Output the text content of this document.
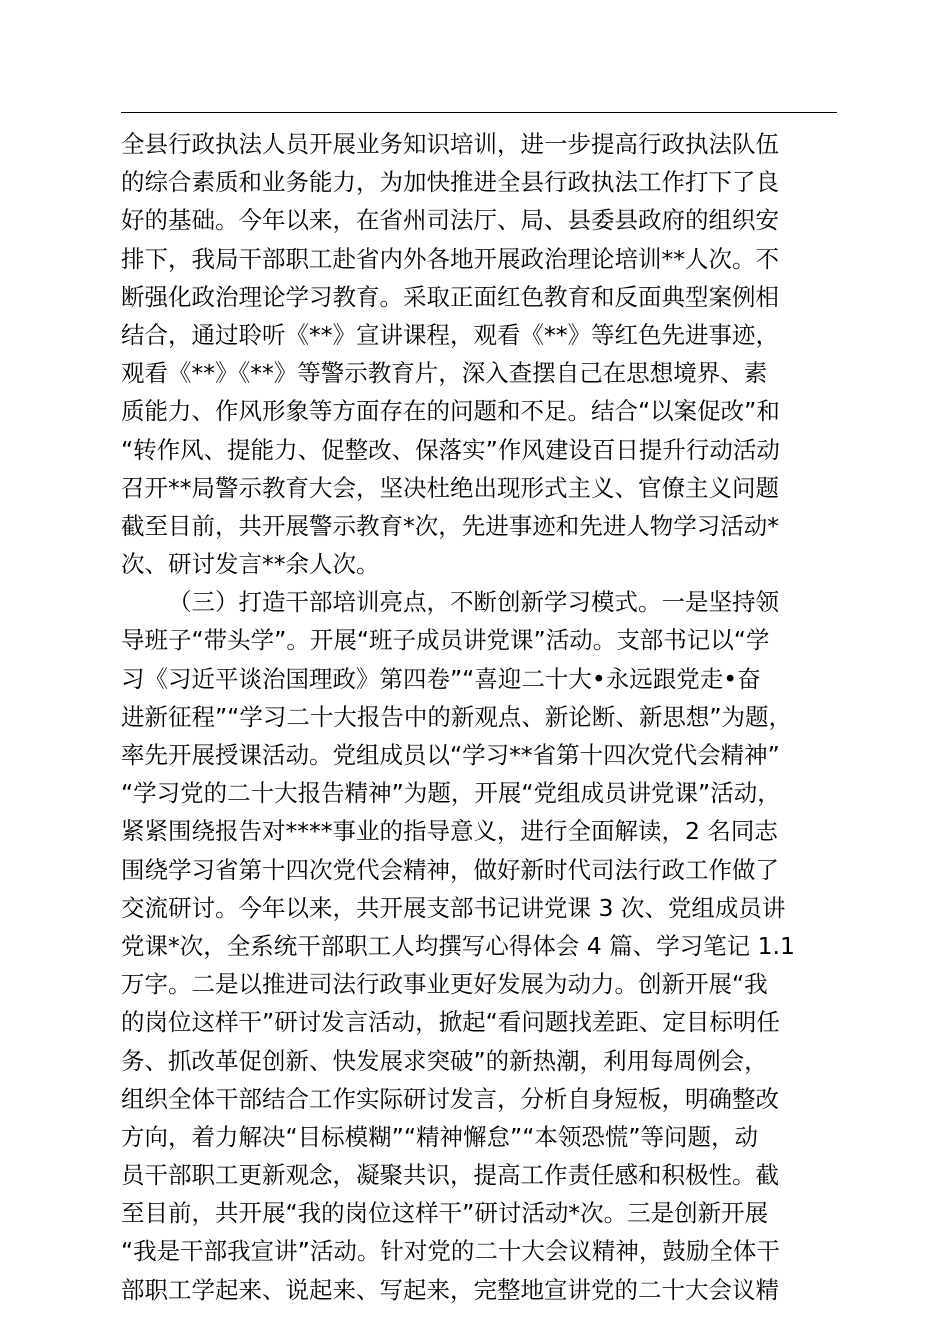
全县行政执法人员开展业务知识培训，进一步提高行政执法队伍
的综合素质和业务能力，为加快推进全县行政执法工作打下了良
好的基础。今年以来，在省州司法厅、局、县委县政府的组织安
排下，我局干部职工赴省内外各地开展政治理论培训**人次。不
断强化政治理论学习教育。采取正面红色教育和反面典型案例相
结合，通过聆听《**》宣讲课程，观看《**》等红色先进事迹，
观看《**》《**》等警示教育片，深入查摆自己在思想境界、素
质能力、作风形象等方面存在的问题和不足。结合“以案促改”和
“转作风、提能力、促整改、保落实”作风建设百日提升行动活动
召开**局警示教育大会，坚决杜绝出现形式主义、官僚主义问题
截至目前，共开展警示教育*次，先进事迹和先进人物学习活动*
次、研讨发言**余人次。
（三）打造干部培训亮点，不断创新学习模式。一是坚持领
导班子“带头学”。开展“班子成员讲党课”活动。支部书记以“学
习《习近平谈治国理政》第四卷”“喜迎二十大•永远跟党走•奋
进新征程”“学习二十大报告中的新观点、新论断、新思想”为题，
率先开展授课活动。党组成员以“学习**省第十四次党代会精神”
“学习党的二十大报告精神”为题，开展“党组成员讲党课”活动，
紧紧围绕报告对****事业的指导意义，进行全面解读，2 名同志
围绕学习省第十四次党代会精神，做好新时代司法行政工作做了
交流研讨。今年以来，共开展支部书记讲党课 3 次、党组成员讲
党课*次，全系统干部职工人均撰写心得体会 4 篇、学习笔记 1.1
万字。二是以推进司法行政事业更好发展为动力。创新开展“我
的岗位这样干”研讨发言活动，掀起“看问题找差距、定目标明任
务、抓改革促创新、快发展求突破”的新热潮，利用每周例会，
组织全体干部结合工作实际研讨发言，分析自身短板，明确整改
方向，着力解决“目标模糊”“精神懈怠”“本领恐慌”等问题，动
员干部职工更新观念，凝聚共识，提高工作责任感和积极性。截
至目前，共开展“我的岗位这样干”研讨活动*次。三是创新开展
“我是干部我宣讲”活动。针对党的二十大会议精神，鼓励全体干
部职工学起来、说起来、写起来，完整地宣讲党的二十大会议精
